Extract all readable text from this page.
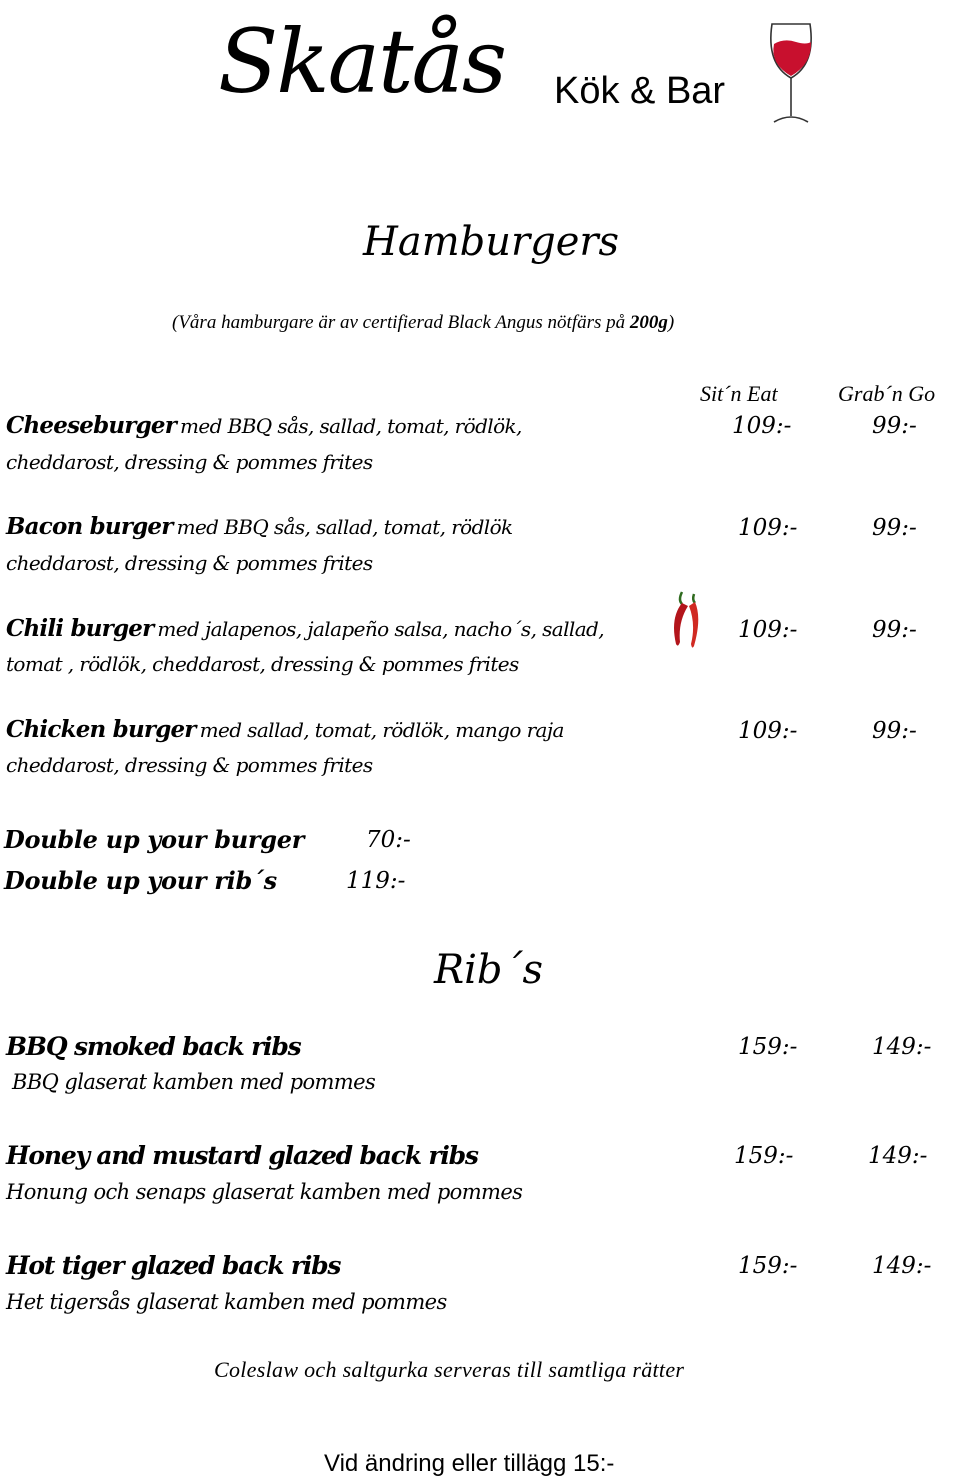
Skatås Kök & Bar
Hamburgers
(Våra hamburgare är av certifierad Black Angus nötfärs på 200g)
Sit´n Eat	Grab´n Go
Cheeseburger med BBQ sås, sallad, tomat, rödlök,
cheddarost, dressing & pommes frites
109:-	99:-
Bacon burger med BBQ sås, sallad, tomat, rödlök
cheddarost, dressing & pommes frites
109:-	99:-
Chili burger med jalapenos, jalapeño salsa, nacho´s, sallad,
tomat , rödlök, cheddarost, dressing & pommes frites
109:-	99:-
Chicken burger med sallad, tomat, rödlök, mango raja
cheddarost, dressing & pommes frites
109:-	99:-
Double up your burger	70:-
Double up your rib´s	119:-
Rib´s
BBQ smoked back ribs
BBQ glaserat kamben med pommes
159:-	149:-
Honey and mustard glazed back ribs
Honung och senaps glaserat kamben med pommes
159:-	149:-
Hot tiger glazed back ribs
Het tigersås glaserat kamben med pommes
159:-	149:-
Coleslaw och saltgurka serveras till samtliga rätter
Vid ändring eller tillägg 15:-
